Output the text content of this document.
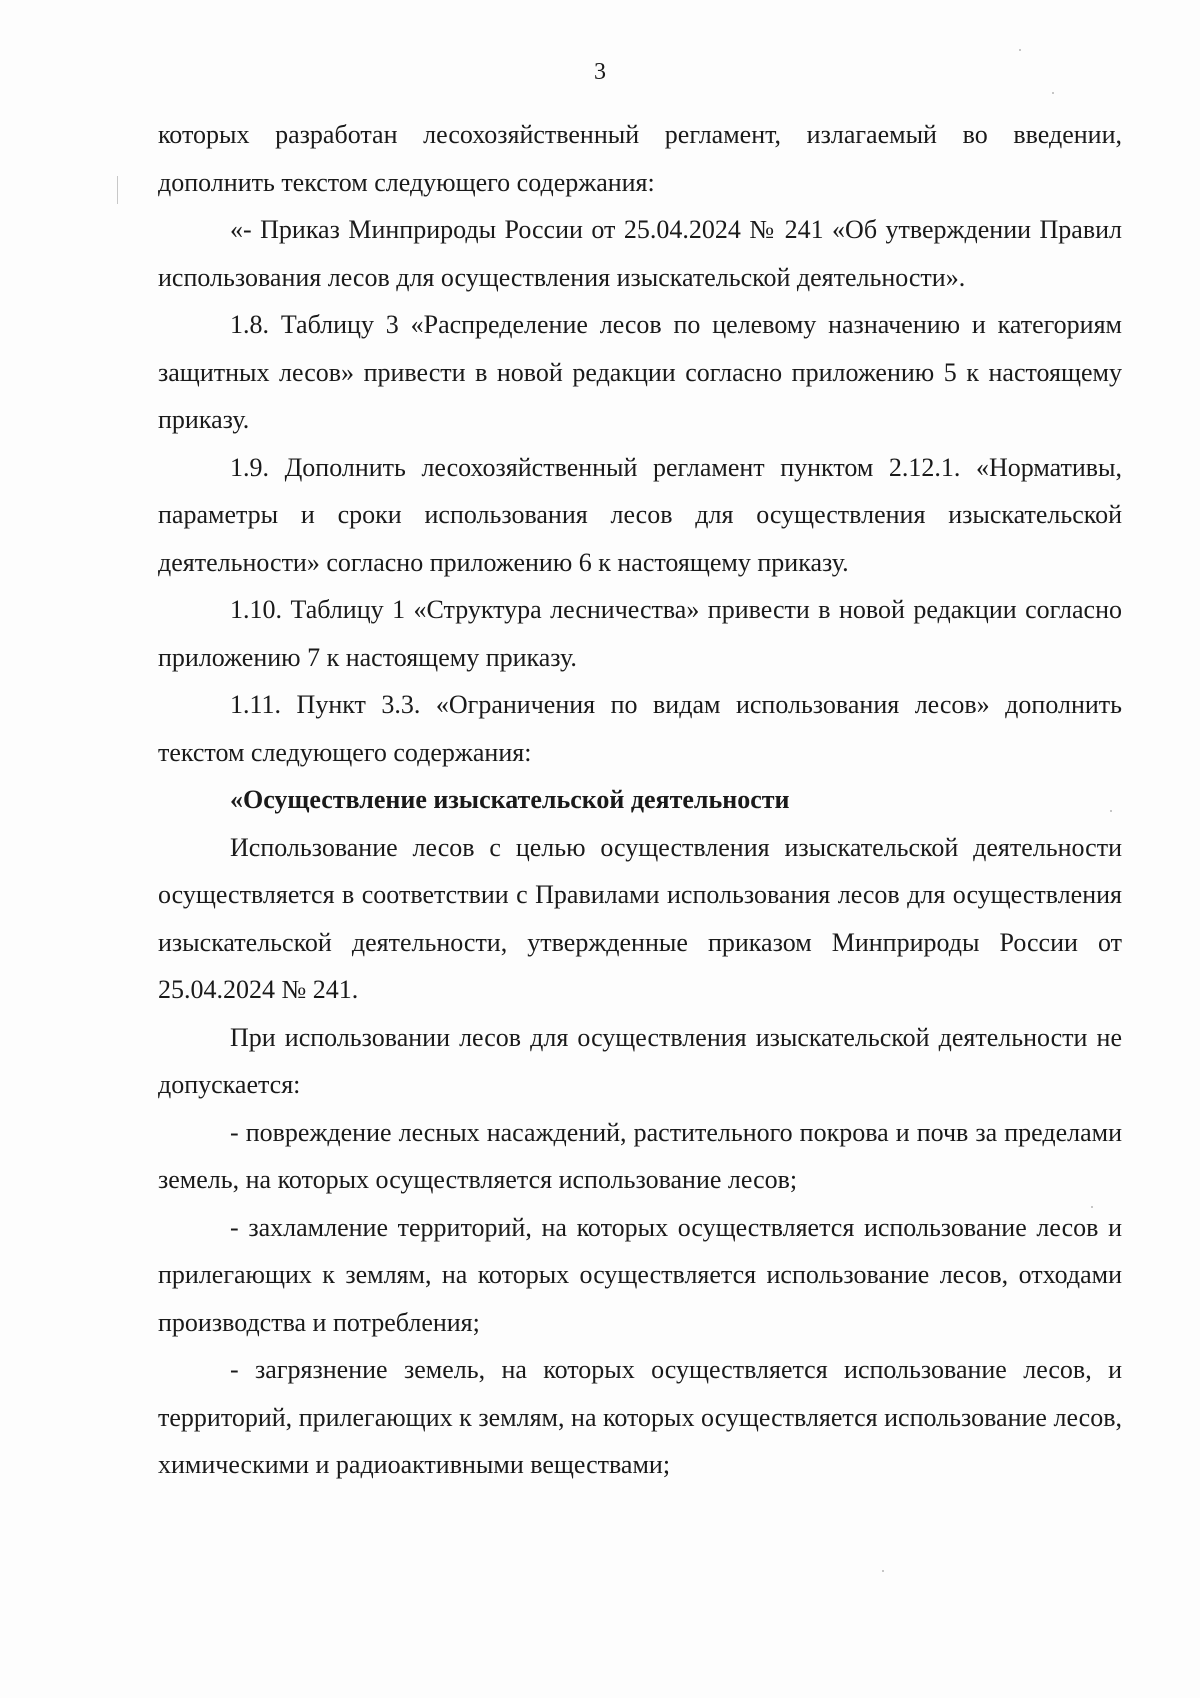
3

которых разработан лесохозяйственный регламент, излагаемый во введении, дополнить текстом следующего содержания:

«- Приказ Минприроды России от 25.04.2024 № 241 «Об утверждении Правил использования лесов для осуществления изыскательской деятельности».

1.8. Таблицу 3 «Распределение лесов по целевому назначению и категориям защитных лесов» привести в новой редакции согласно приложению 5 к настоящему приказу.

1.9. Дополнить лесохозяйственный регламент пунктом 2.12.1. «Нормативы, параметры и сроки использования лесов для осуществления изыскательской деятельности» согласно приложению 6 к настоящему приказу.

1.10. Таблицу 1 «Структура лесничества» привести в новой редакции согласно приложению 7 к настоящему приказу.

1.11. Пункт 3.3. «Ограничения по видам использования лесов» дополнить текстом следующего содержания:

«Осуществление изыскательской деятельности

Использование лесов с целью осуществления изыскательской деятельности осуществляется в соответствии с Правилами использования лесов для осуществления изыскательской деятельности, утвержденные приказом Минприроды России от 25.04.2024 № 241.

При использовании лесов для осуществления изыскательской деятельности не допускается:

- повреждение лесных насаждений, растительного покрова и почв за пределами земель, на которых осуществляется использование лесов;

- захламление территорий, на которых осуществляется использование лесов и прилегающих к землям, на которых осуществляется использование лесов, отходами производства и потребления;

- загрязнение земель, на которых осуществляется использование лесов, и территорий, прилегающих к землям, на которых осуществляется использование лесов, химическими и радиоактивными веществами;
